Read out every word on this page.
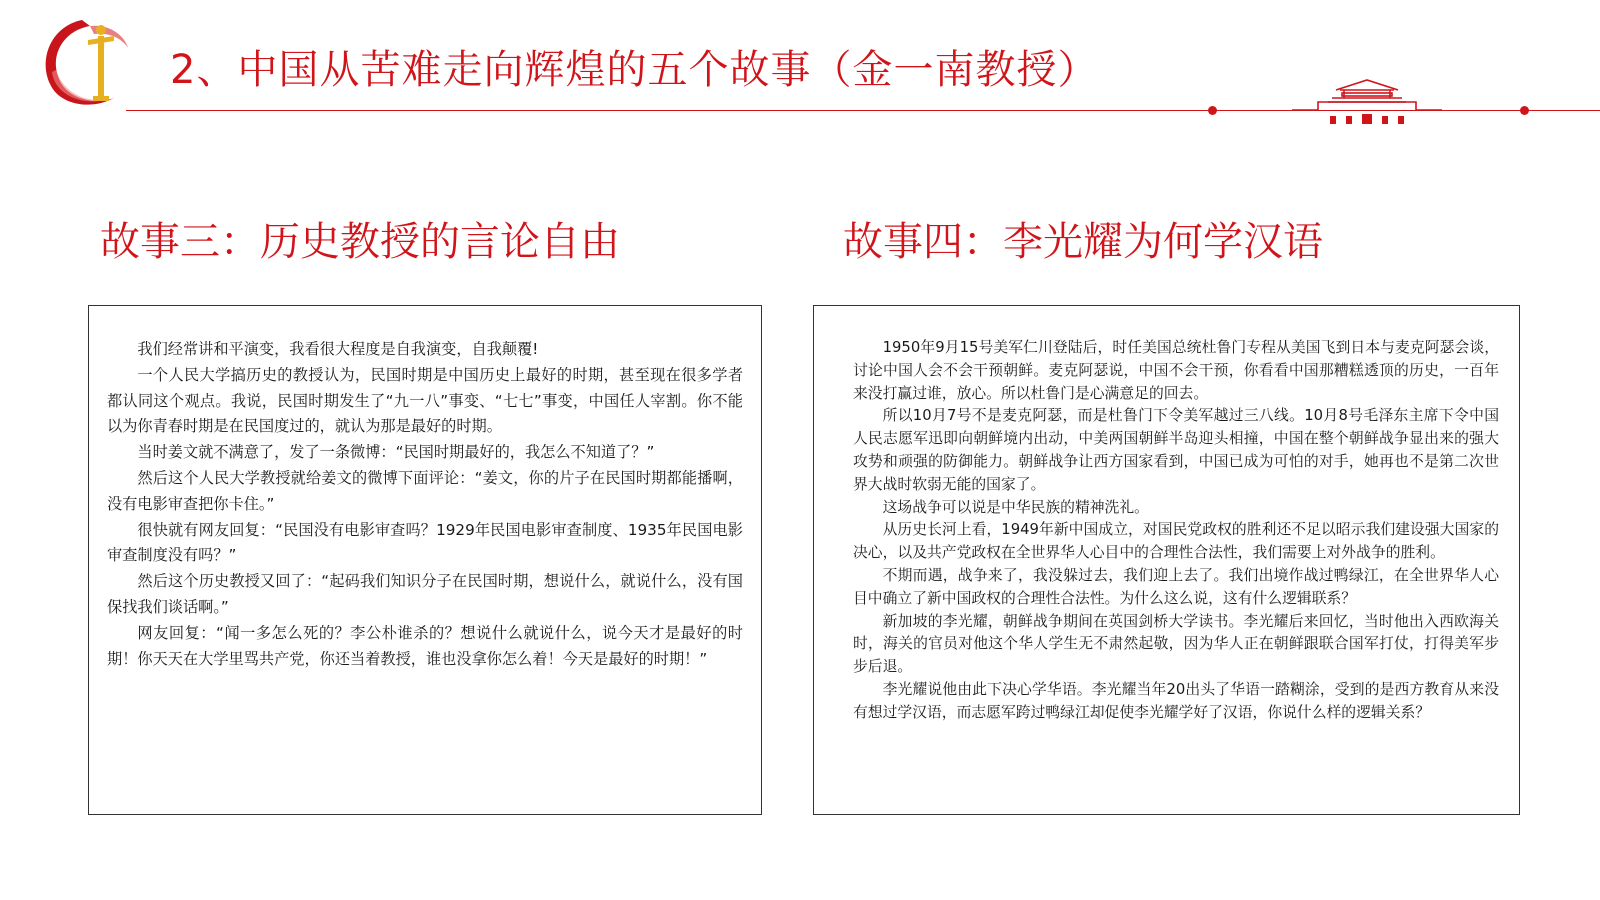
2、中国从苦难走向辉煌的五个故事（金一南教授）
故事三：历史教授的言论自由	故事四：李光耀为何学汉语

我们经常讲和平演变，我看很大程度是自我演变，自我颠覆!

一个人民大学搞历史的教授认为，民国时期是中国历史上最好的时期，甚至现在很多学者都认同这个观点。我说，民国时期发生了“九一八”事变、“七七”事变，中国任人宰割。你不能以为你青春时期是在民国度过的，就认为那是最好的时期。

当时姜文就不满意了，发了一条微博：“民国时期最好的，我怎么不知道了？”

然后这个人民大学教授就给姜文的微博下面评论：“姜文，你的片子在民国时期都能播啊，没有电影审查把你卡住。”

很快就有网友回复：“民国没有电影审查吗？1929年民国电影审查制度、1935年民国电影审查制度没有吗？”

然后这个历史教授又回了：“起码我们知识分子在民国时期，想说什么，就说什么，没有国保找我们谈话啊。”

网友回复：“闻一多怎么死的？李公朴谁杀的？想说什么就说什么，说今天才是最好的时期！你天天在大学里骂共产党，你还当着教授，谁也没拿你怎么着！今天是最好的时期！”

1950年9月15号美军仁川登陆后，时任美国总统杜鲁门专程从美国飞到日本与麦克阿瑟会谈，讨论中国人会不会干预朝鲜。麦克阿瑟说，中国不会干预，你看看中国那糟糕透顶的历史，一百年来没打赢过谁，放心。所以杜鲁门是心满意足的回去。

所以10月7号不是麦克阿瑟，而是杜鲁门下令美军越过三八线。10月8号毛泽东主席下令中国人民志愿军迅即向朝鲜境内出动，中美两国朝鲜半岛迎头相撞，中国在整个朝鲜战争显出来的强大攻势和顽强的防御能力。朝鲜战争让西方国家看到，中国已成为可怕的对手，她再也不是第二次世界大战时软弱无能的国家了。

这场战争可以说是中华民族的精神洗礼。

从历史长河上看，1949年新中国成立，对国民党政权的胜利还不足以昭示我们建设强大国家的决心，以及共产党政权在全世界华人心目中的合理性合法性，我们需要上对外战争的胜利。

不期而遇，战争来了，我没躲过去，我们迎上去了。我们出境作战过鸭绿江，在全世界华人心目中确立了新中国政权的合理性合法性。为什么这么说，这有什么逻辑联系？

新加坡的李光耀，朝鲜战争期间在英国剑桥大学读书。李光耀后来回忆，当时他出入西欧海关时，海关的官员对他这个华人学生无不肃然起敬，因为华人正在朝鲜跟联合国军打仗，打得美军步步后退。

李光耀说他由此下决心学华语。李光耀当年20出头了华语一踏糊涂，受到的是西方教育从来没有想过学汉语，而志愿军跨过鸭绿江却促使李光耀学好了汉语，你说什么样的逻辑关系？
